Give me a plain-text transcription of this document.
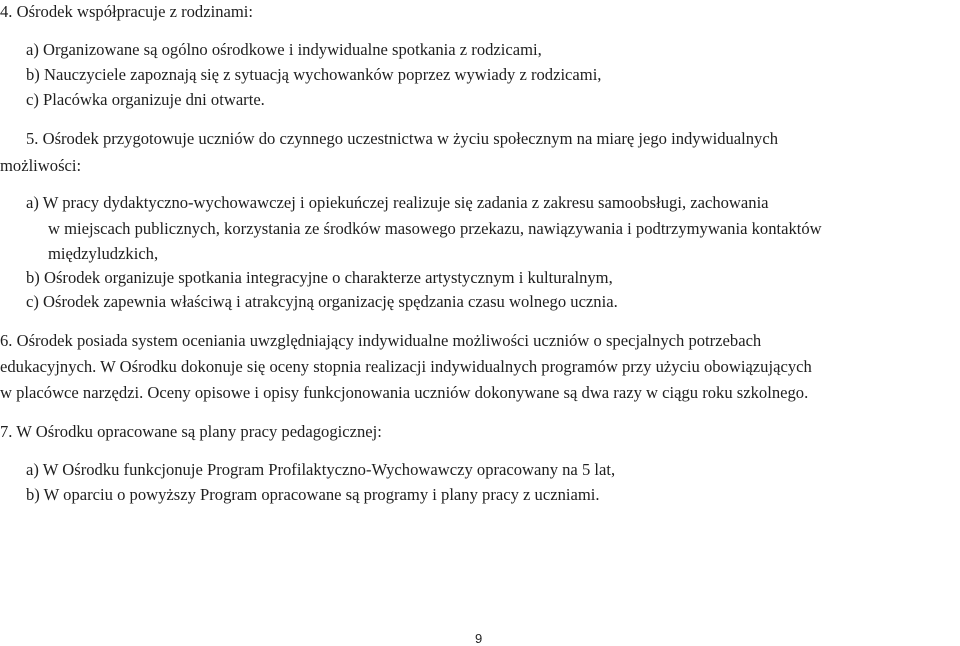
4. Ośrodek współpracuje z rodzinami:
a) Organizowane są ogólno ośrodkowe i indywidualne spotkania z rodzicami,
b) Nauczyciele zapoznają się z sytuacją wychowanków poprzez wywiady z rodzicami,
c) Placówka organizuje dni otwarte.
5. Ośrodek przygotowuje uczniów do czynnego uczestnictwa w życiu społecznym na miarę jego indywidualnych
możliwości:
a) W pracy dydaktyczno-wychowawczej i opiekuńczej realizuje się zadania z zakresu samoobsługi, zachowania
w miejscach publicznych, korzystania ze środków masowego przekazu, nawiązywania i podtrzymywania kontaktów
międzyludzkich,
b) Ośrodek organizuje spotkania integracyjne o charakterze artystycznym i kulturalnym,
c) Ośrodek zapewnia właściwą i atrakcyjną organizację spędzania czasu wolnego ucznia.
6. Ośrodek posiada system oceniania uwzględniający indywidualne możliwości uczniów o specjalnych potrzebach
edukacyjnych. W Ośrodku dokonuje się oceny stopnia realizacji indywidualnych programów przy użyciu obowiązujących
w placówce narzędzi. Oceny opisowe i opisy funkcjonowania uczniów dokonywane są dwa razy w ciągu roku szkolnego.
7. W Ośrodku opracowane są plany pracy pedagogicznej:
a) W Ośrodku funkcjonuje Program Profilaktyczno-Wychowawczy opracowany na 5 lat,
b) W oparciu o powyższy Program opracowane są programy i plany pracy z uczniami.
9
